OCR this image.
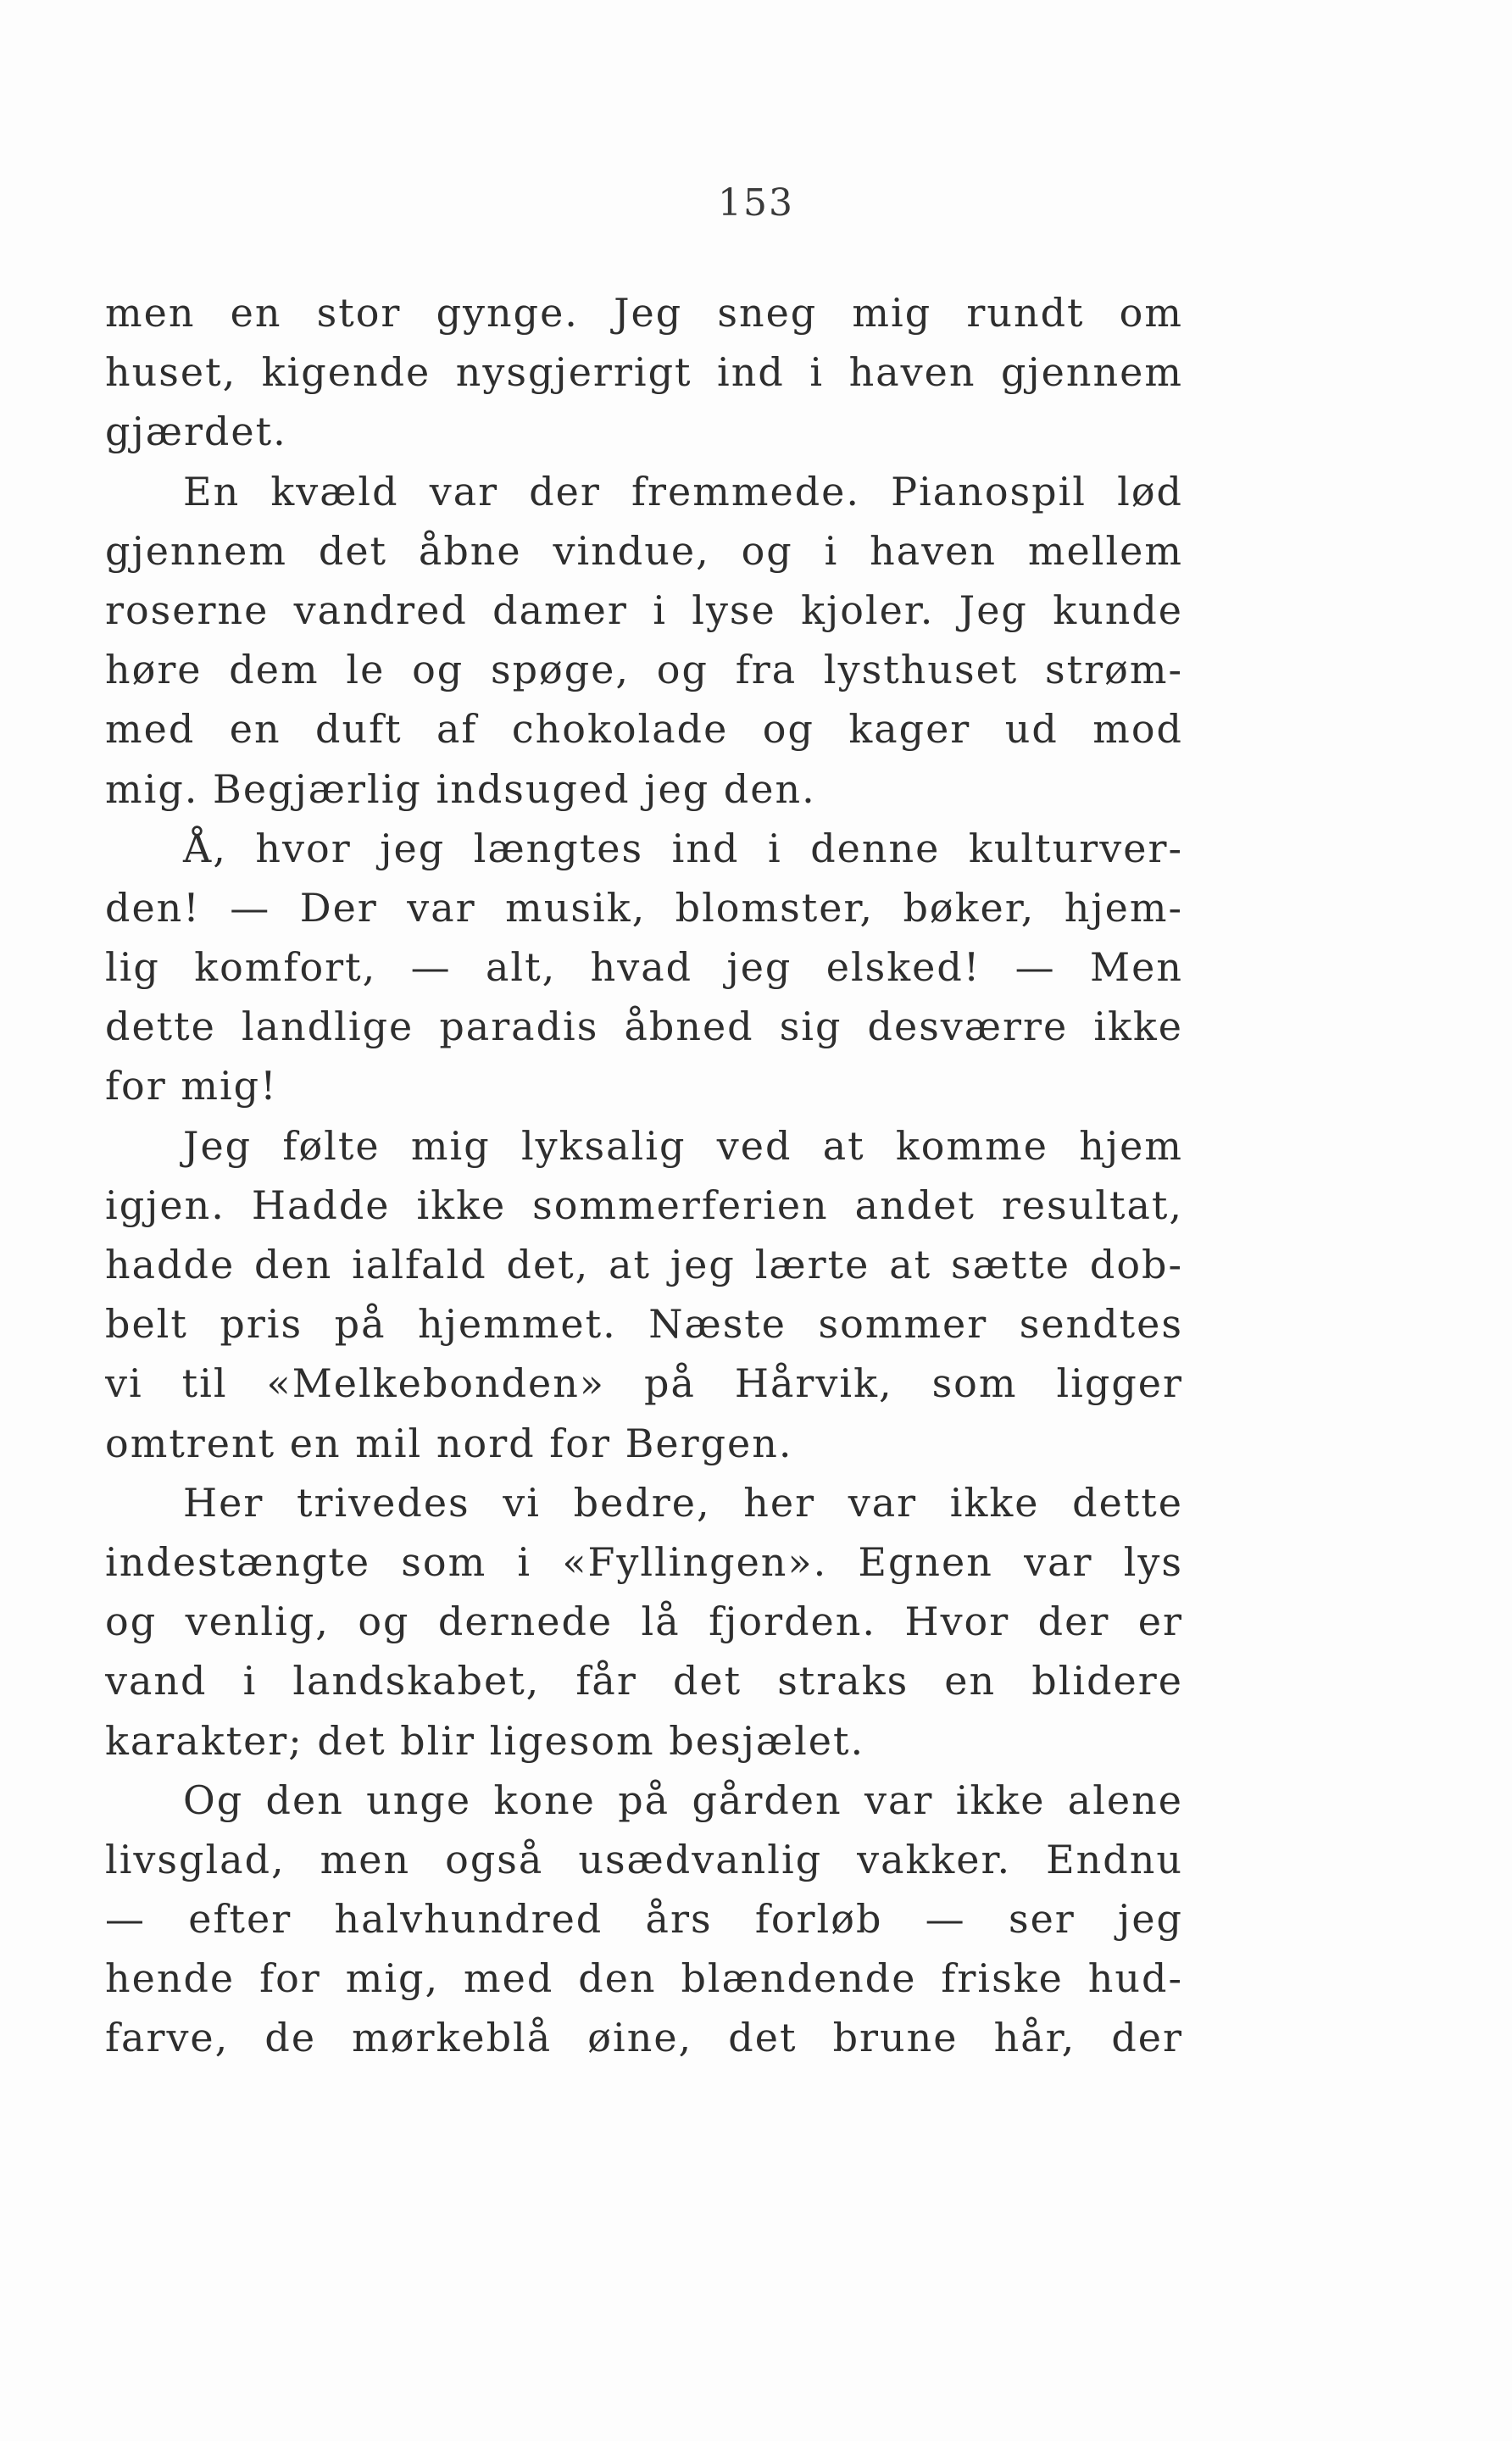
153
men en stor gynge. Jeg sneg mig rundt om
huset, kigende nysgjerrigt ind i haven gjennem
gjærdet.
En kvæld var der fremmede. Pianospil lød
gjennem det åbne vindue, og i haven mellem
roserne vandred damer i lyse kjoler. Jeg kunde
høre dem le og spøge, og fra lysthuset strøm-
med en duft af chokolade og kager ud mod
mig. Begjærlig indsuged jeg den.
Å, hvor jeg længtes ind i denne kulturver-
den! — Der var musik, blomster, bøker, hjem-
lig komfort, — alt, hvad jeg elsked! — Men
dette landlige paradis åbned sig desværre ikke
for mig!
Jeg følte mig lyksalig ved at komme hjem
igjen. Hadde ikke sommerferien andet resultat,
hadde den ialfald det, at jeg lærte at sætte dob-
belt pris på hjemmet. Næste sommer sendtes
vi til «Melkebonden» på Hårvik, som ligger
omtrent en mil nord for Bergen.
Her trivedes vi bedre, her var ikke dette
indestængte som i «Fyllingen». Egnen var lys
og venlig, og dernede lå fjorden. Hvor der er
vand i landskabet, får det straks en blidere
karakter; det blir ligesom besjælet.
Og den unge kone på gården var ikke alene
livsglad, men også usædvanlig vakker. Endnu
— efter halvhundred års forløb — ser jeg
hende for mig, med den blændende friske hud-
farve, de mørkeblå øine, det brune hår, der
